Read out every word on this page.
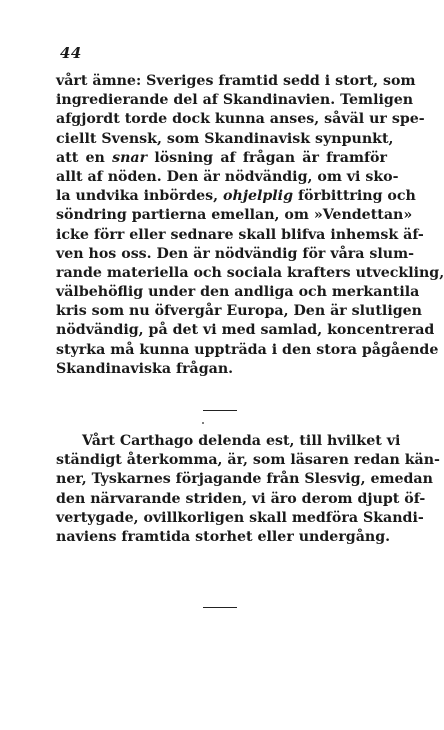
44
vårt ämne: Sveriges framtid sedd i stort, som
ingredierande del af Skandinavien. Temligen
afgjordt torde dock kunna anses, såväl ur spe-
ciellt Svensk, som Skandinavisk synpunkt,
att en snar lösning af frågan är framför
allt af nöden. Den är nödvändig, om vi sko-
la undvika inbördes, ohjelplig förbittring och
söndring partierna emellan, om »Vendettan»
icke förr eller sednare skall blifva inhemsk äf-
ven hos oss. Den är nödvändig för våra slum-
rande materiella och sociala krafters utveckling,
välbehöflig under den andliga och merkantila
kris som nu öfvergår Europa, Den är slutligen
nödvändig, på det vi med samlad, koncentrerad
styrka må kunna uppträda i den stora pågående
Skandinaviska frågan.
Vårt Carthago delenda est, till hvilket vi
ständigt återkomma, är, som läsaren redan kän-
ner, Tyskarnes förjagande från Slesvig, emedan
den närvarande striden, vi äro derom djupt öf-
vertygade, ovillkorligen skall medföra Skandi-
naviens framtida storhet eller undergång.
